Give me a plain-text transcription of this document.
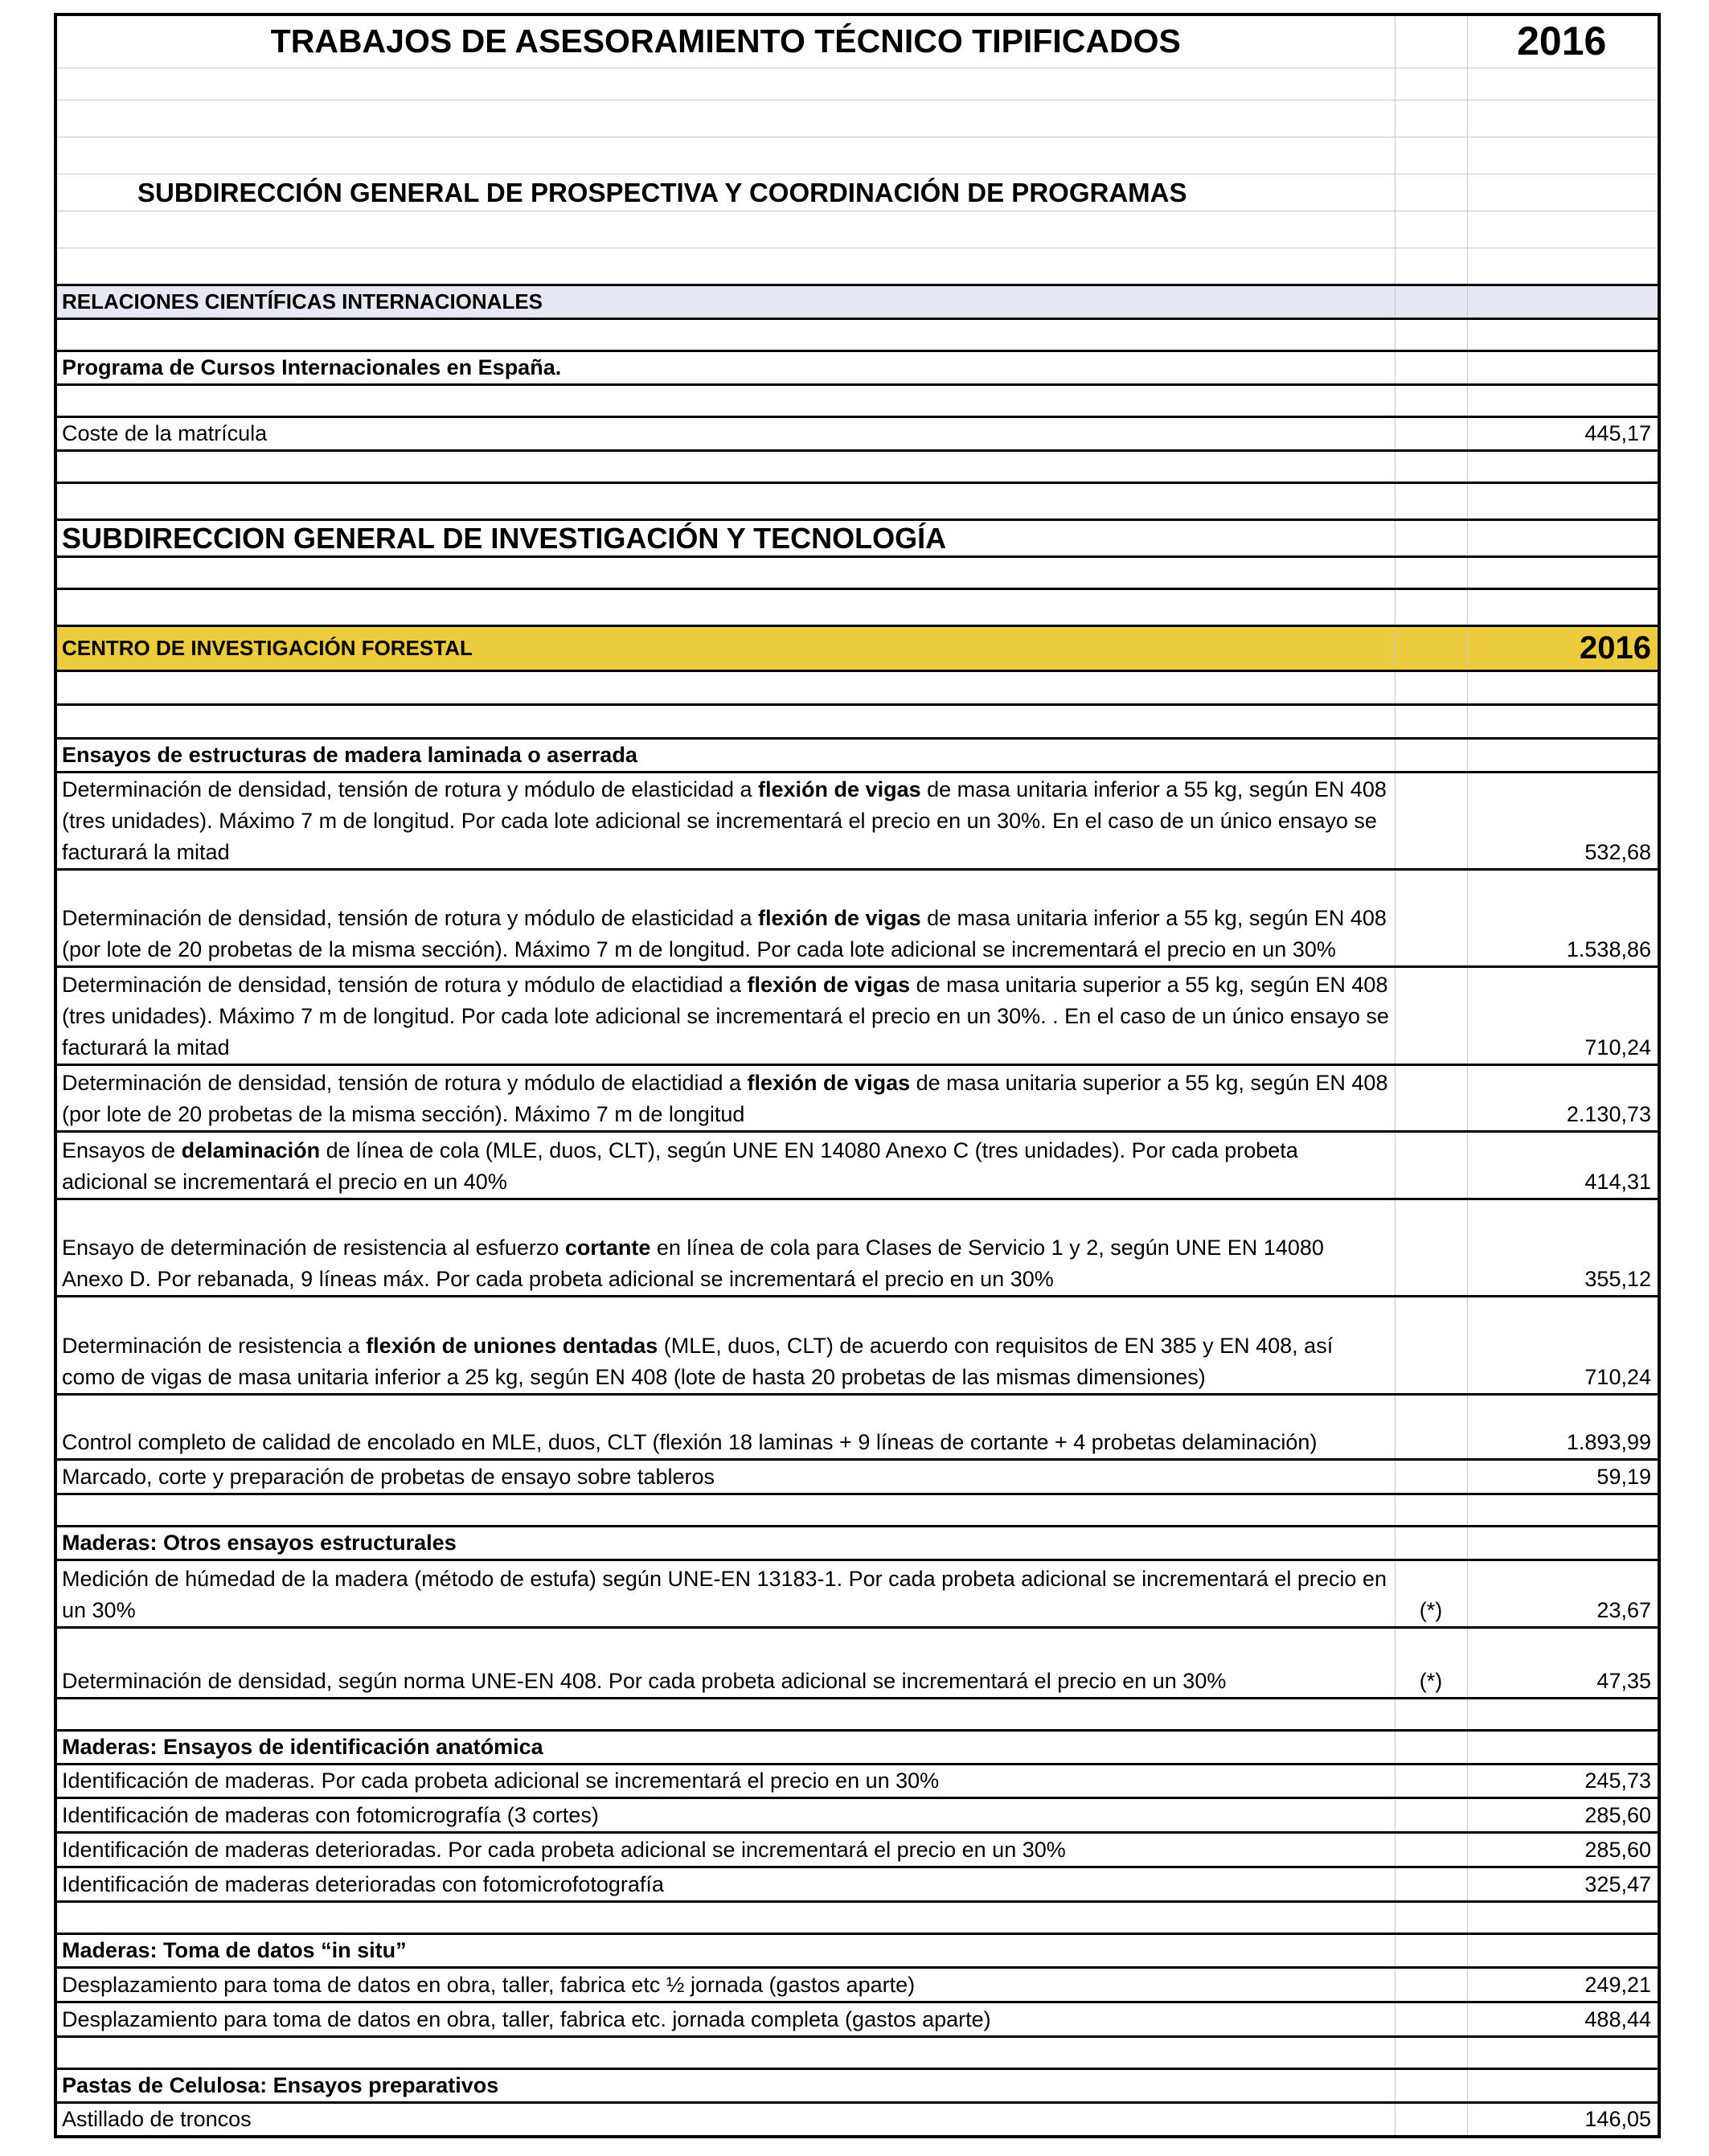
TRABAJOS DE ASESORAMIENTO TÉCNICO TIPIFICADOS		2016

SUBDIRECCIÓN GENERAL DE PROSPECTIVA Y COORDINACIÓN DE PROGRAMAS		

RELACIONES CIENTÍFICAS INTERNACIONALES		

Programa de Cursos Internacionales en España.		

Coste de la matrícula		445,17

SUBDIRECCION GENERAL DE INVESTIGACIÓN Y TECNOLOGÍA		

CENTRO DE INVESTIGACIÓN FORESTAL		2016

Ensayos de estructuras de madera laminada o aserrada		
Determinación de densidad, tensión de rotura y módulo de elasticidad a flexión de vigas de masa unitaria inferior a 55 kg, según EN 408 (tres unidades). Máximo 7 m de longitud. Por cada lote adicional se incrementará el precio en un 30%. En el caso de un único ensayo se facturará la mitad		532,68
Determinación de densidad, tensión de rotura y módulo de elasticidad a flexión de vigas de masa unitaria inferior a 55 kg, según EN 408 (por lote de 20 probetas de la misma sección). Máximo 7 m de longitud. Por cada lote adicional se incrementará el precio en un 30%		1.538,86
Determinación de densidad, tensión de rotura y módulo de elactidiad a flexión de vigas de masa unitaria superior a 55 kg, según EN 408 (tres unidades). Máximo 7 m de longitud. Por cada lote adicional se incrementará el precio en un 30%. . En el caso de un único ensayo se facturará la mitad		710,24
Determinación de densidad, tensión de rotura y módulo de elactidiad a flexión de vigas de masa unitaria superior a 55 kg, según EN 408 (por lote de 20 probetas de la misma sección). Máximo 7 m de longitud		2.130,73
Ensayos de delaminación de línea de cola (MLE, duos, CLT), según UNE EN 14080 Anexo C (tres unidades). Por cada probeta adicional se incrementará el precio en un 40%		414,31
Ensayo de determinación de resistencia al esfuerzo cortante en línea de cola para Clases de Servicio 1 y 2, según UNE EN 14080 Anexo D. Por rebanada, 9 líneas máx. Por cada probeta adicional se incrementará el precio en un 30%		355,12
Determinación de resistencia a flexión de uniones dentadas (MLE, duos, CLT) de acuerdo con requisitos de EN 385 y EN 408, así como de vigas de masa unitaria inferior a 25 kg, según EN 408 (lote de hasta 20 probetas de las mismas dimensiones)		710,24
Control completo de calidad de encolado en MLE, duos, CLT (flexión 18 laminas + 9 líneas de cortante + 4 probetas delaminación)		1.893,99
Marcado, corte y preparación de probetas de ensayo sobre tableros		59,19

Maderas: Otros ensayos estructurales		
Medición de húmedad de la madera (método de estufa) según UNE-EN 13183-1. Por cada probeta adicional se incrementará el precio en un 30%	(*)	23,67
Determinación de densidad, según norma UNE-EN 408. Por cada probeta adicional se incrementará el precio en un 30%	(*)	47,35

Maderas: Ensayos de identificación anatómica		
Identificación de maderas. Por cada probeta adicional se incrementará el precio en un 30%		245,73
Identificación de maderas con fotomicrografía (3 cortes)		285,60
Identificación de maderas deterioradas. Por cada probeta adicional se incrementará el precio en un 30%		285,60
Identificación de maderas deterioradas con fotomicrofotografía		325,47

Maderas: Toma de datos “in situ”		
Desplazamiento para toma de datos en obra, taller, fabrica etc ½ jornada (gastos aparte)		249,21
Desplazamiento para toma de datos en obra, taller, fabrica etc. jornada completa (gastos aparte)		488,44

Pastas de Celulosa: Ensayos preparativos		
Astillado de troncos		146,05
